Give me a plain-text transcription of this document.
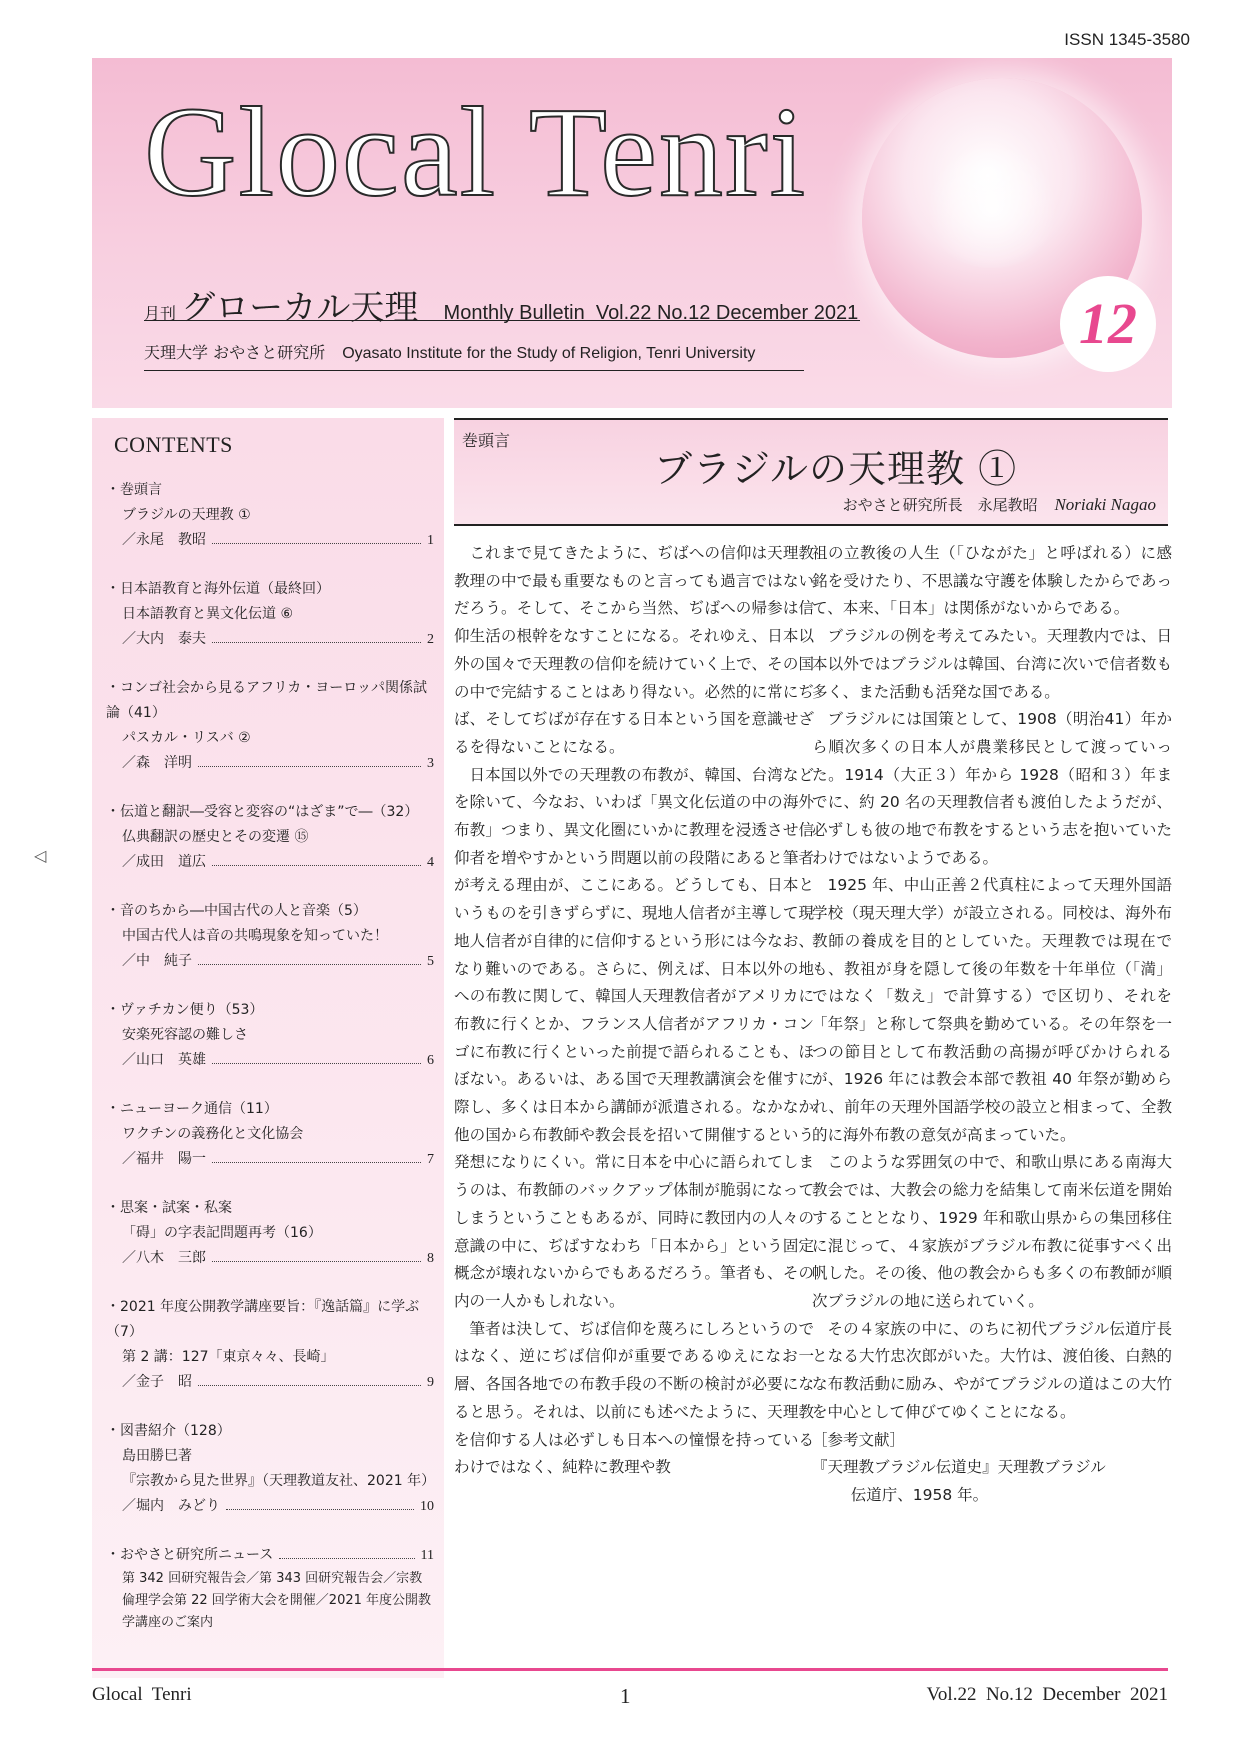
ISSN 1345-3580
Glocal Tenri
月刊 グローカル天理 Monthly Bulletin  Vol.22 No.12 December 2021
天理大学 おやさと研究所 Oyasato Institute for the Study of Religion, Tenri University	12
CONTENTS
・ 巻頭言
ブラジルの天理教 ①
／永尾　教昭	1
・ 日本語教育と海外伝道（最終回）
日本語教育と異文化伝道 ⑥
／大内　泰夫	2
・ コンゴ社会から見るアフリカ・ヨーロッパ関係試論（41）
パスカル・リスバ ②
／森　洋明	3
・ 伝道と翻訳―受容と変容の“はざま”で―（32）
仏典翻訳の歴史とその変遷 ⑮
／成田　道広	4
・ 音のちから―中国古代の人と音楽（5）
中国古代人は音の共鳴現象を知っていた！
／中　純子	5
・ ヴァチカン便り（53）
安楽死容認の難しさ
／山口　英雄	6
・ ニューヨーク通信（11）
ワクチンの義務化と文化協会
／福井　陽一	7
・ 思案・試案・私案
「碍」の字表記問題再考（16）
／八木　三郎	8
・ 2021 年度公開教学講座要旨：『逸話篇』に学ぶ（7）
第 2 講：127「東京々々、長崎」
／金子　昭	9
・ 図書紹介（128）
島田勝巳著
『宗教から見た世界』（天理教道友社、2021 年）
／堀内　みどり	10
・ おやさと研究所ニュース	11
第 342 回研究報告会／第 343 回研究報告会／宗教倫理学会第 22 回学術大会を開催／2021 年度公開教学講座のご案内
◁
巻頭言
ブラジルの天理教 ①
おやさと研究所長　永尾教昭 Noriaki Nagao

これまで見てきたように、ぢばへの信仰は天理教教理の中で最も重要なものと言っても過言ではないだろう。そして、そこから当然、ぢばへの帰参は信仰生活の根幹をなすことになる。それゆえ、日本以外の国々で天理教の信仰を続けていく上で、その国の中で完結することはあり得ない。必然的に常にぢば、そしてぢばが存在する日本という国を意識せざるを得ないことになる。

日本国以外での天理教の布教が、韓国、台湾などを除いて、今なお、いわば「異文化伝道の中の海外布教」つまり、異文化圏にいかに教理を浸透させ信仰者を増やすかという問題以前の段階にあると筆者が考える理由が、ここにある。どうしても、日本というものを引きずらずに、現地人信者が主導して現地人信者が自律的に信仰するという形には今なお、なり難いのである。さらに、例えば、日本以外の地への布教に関して、韓国人天理教信者がアメリカに布教に行くとか、フランス人信者がアフリカ・コンゴに布教に行くといった前提で語られることも、ほぼない。あるいは、ある国で天理教講演会を催すに際し、多くは日本から講師が派遣される。なかなか他の国から布教師や教会長を招いて開催するという発想になりにくい。常に日本を中心に語られてしまうのは、布教師のバックアップ体制が脆弱になってしまうということもあるが、同時に教団内の人々の意識の中に、ぢばすなわち「日本から」という固定概念が壊れないからでもあるだろう。筆者も、その内の一人かもしれない。

筆者は決して、ぢば信仰を蔑ろにしろというのではなく、逆にぢば信仰が重要であるゆえになお一層、各国各地での布教手段の不断の検討が必要になると思う。それは、以前にも述べたように、天理教を信仰する人は必ずしも日本への憧憬を持っているわけではなく、純粋に教理や教

祖の立教後の人生（「ひながた」と呼ばれる）に感銘を受けたり、不思議な守護を体験したからであって、本来、「日本」は関係がないからである。

ブラジルの例を考えてみたい。天理教内では、日本以外ではブラジルは韓国、台湾に次いで信者数も多く、また活動も活発な国である。

ブラジルには国策として、1908（明治41）年から順次多くの日本人が農業移民として渡っていった。1914（大正３）年から 1928（昭和３）年までに、約 20 名の天理教信者も渡伯したようだが、必ずしも彼の地で布教をするという志を抱いていたわけではないようである。

1925 年、中山正善２代真柱によって天理外国語学校（現天理大学）が設立される。同校は、海外布教師の養成を目的としていた。天理教では現在でも、教祖が身を隠して後の年数を十年単位（「満」ではなく「数え」で計算する）で区切り、それを「年祭」と称して祭典を勤めている。その年祭を一つの節目として布教活動の高揚が呼びかけられるが、1926 年には教会本部で教祖 40 年祭が勤められ、前年の天理外国語学校の設立と相まって、全教的に海外布教の意気が高まっていた。

このような雰囲気の中で、和歌山県にある南海大教会では、大教会の総力を結集して南米伝道を開始することとなり、1929 年和歌山県からの集団移住に混じって、４家族がブラジル布教に従事すべく出帆した。その後、他の教会からも多くの布教師が順次ブラジルの地に送られていく。

その４家族の中に、のちに初代ブラジル伝道庁長となる大竹忠次郎がいた。大竹は、渡伯後、白熱的な布教活動に励み、やがてブラジルの道はこの大竹を中心として伸びてゆくことになる。

［参考文献］

『天理教ブラジル伝道史』天理教ブラジル

伝道庁、1958 年。

Glocal  Tenri	1	Vol.22  No.12  December  2021
